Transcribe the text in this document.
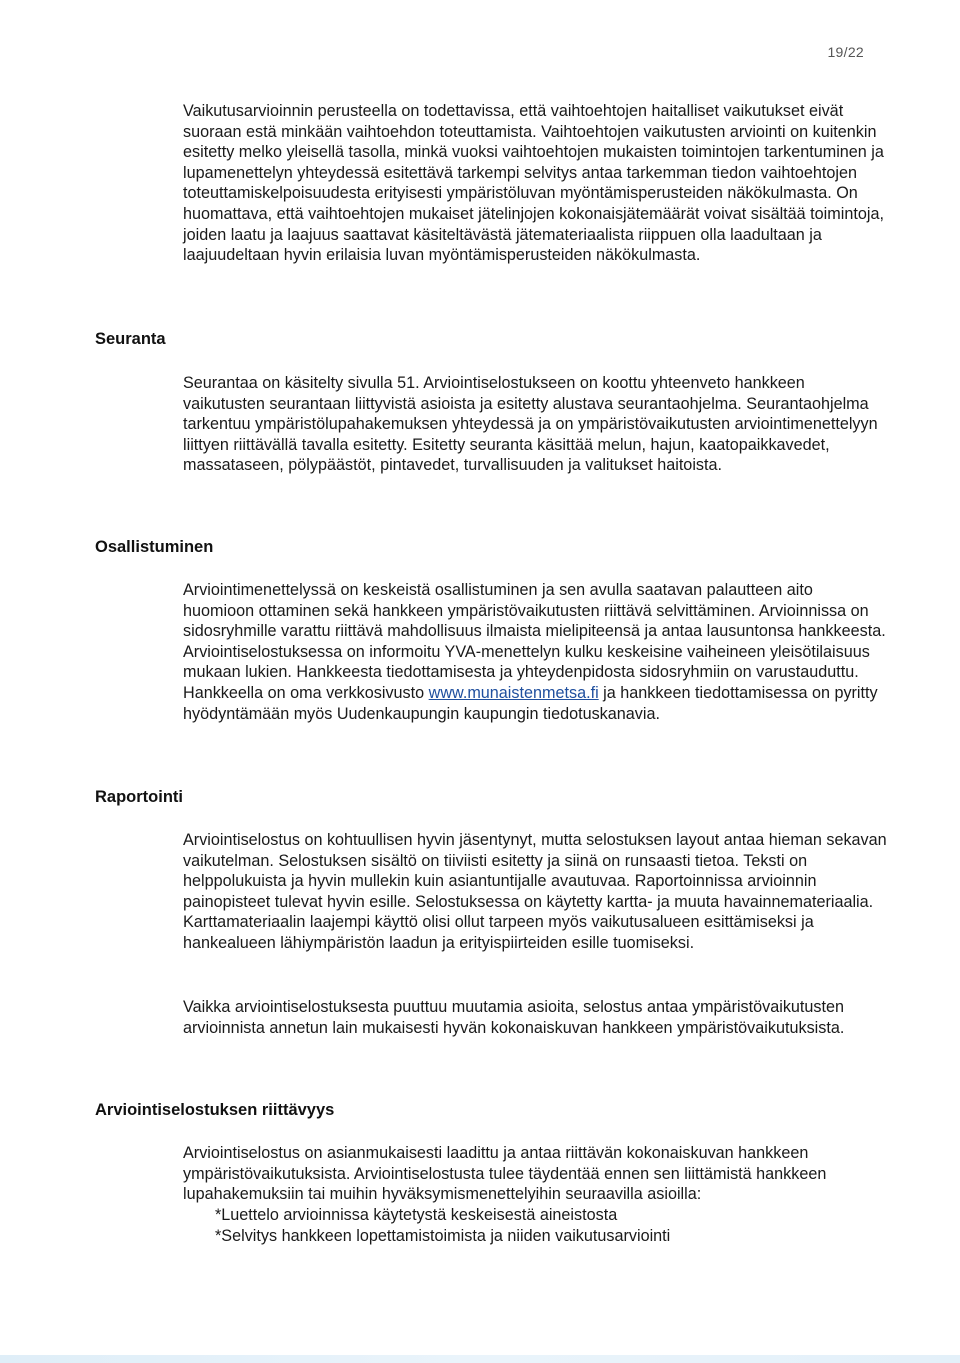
19/22

Vaikutusarvioinnin perusteella on todettavissa, että vaihtoehtojen haitalliset vaikutukset eivät suoraan estä minkään vaihtoehdon toteuttamista. Vaihtoehtojen vaikutusten arviointi on kuitenkin esitetty melko yleisellä tasolla, minkä vuoksi vaihtoehtojen mukaisten toimintojen tarkentuminen ja lupamenettelyn yhteydessä esitettävä tarkempi selvitys antaa tarkemman tiedon vaihtoehtojen toteuttamiskelpoisuudesta erityisesti ympäristöluvan myöntämisperusteiden näkökulmasta. On huomattava, että vaihtoehtojen mukaiset jätelinjojen kokonaisjätemäärät voivat sisältää toimintoja, joiden laatu ja laajuus saattavat käsiteltävästä jätemateriaalista riippuen olla laadultaan ja laajuudeltaan hyvin erilaisia luvan myöntämisperusteiden näkökulmasta.

Seuranta

Seurantaa on käsitelty sivulla 51. Arviointiselostukseen on koottu yhteenveto hankkeen vaikutusten seurantaan liittyvistä asioista ja esitetty alustava seurantaohjelma. Seurantaohjelma tarkentuu ympäristölupahakemuksen yhteydessä ja on ympäristövaikutusten arviointimenettelyyn liittyen riittävällä tavalla esitetty. Esitetty seuranta käsittää melun, hajun, kaatopaikkavedet, massataseen, pölypäästöt, pintavedet, turvallisuuden ja valitukset haitoista.

Osallistuminen

Arviointimenettelyssä on keskeistä osallistuminen ja sen avulla saatavan palautteen aito huomioon ottaminen sekä hankkeen ympäristövaikutusten riittävä selvittäminen. Arvioinnissa on sidosryhmille varattu riittävä mahdollisuus ilmaista mielipiteensä ja antaa lausuntonsa hankkeesta. Arviointiselostuksessa on informoitu YVA-menettelyn kulku keskeisine vaiheineen yleisötilaisuus mukaan lukien. Hankkeesta tiedottamisesta ja yhteydenpidosta sidosryhmiin on varustauduttu. Hankkeella on oma verkkosivusto www.munaistenmetsa.fi ja hankkeen tiedottamisessa on pyritty hyödyntämään myös Uudenkaupungin kaupungin tiedotuskanavia.

Raportointi

Arviointiselostus on kohtuullisen hyvin jäsentynyt, mutta selostuksen layout antaa hieman sekavan vaikutelman. Selostuksen sisältö on tiiviisti esitetty ja siinä on runsaasti tietoa. Teksti on helppolukuista ja hyvin mullekin kuin asiantuntijalle avautuvaa. Raportoinnissa arvioinnin painopisteet tulevat hyvin esille. Selostuksessa on käytetty kartta- ja muuta havainnemateriaalia. Karttamateriaalin laajempi käyttö olisi ollut tarpeen myös vaikutusalueen esittämiseksi ja hankealueen lähiympäristön laadun ja erityispiirteiden esille tuomiseksi.

Vaikka arviointiselostuksesta puuttuu muutamia asioita, selostus antaa ympäristövaikutusten arvioinnista annetun lain mukaisesti hyvän kokonaiskuvan hankkeen ympäristövaikutuksista.

Arviointiselostuksen riittävyys

Arviointiselostus on asianmukaisesti laadittu ja antaa riittävän kokonaiskuvan hankkeen ympäristövaikutuksista. Arviointiselostusta tulee täydentää ennen sen liittämistä hankkeen lupahakemuksiin tai muihin hyväksymismenettelyihin seuraavilla asioilla:

*Luettelo arvioinnissa käytetystä keskeisestä aineistosta

*Selvitys hankkeen lopettamistoimista ja niiden vaikutusarviointi
